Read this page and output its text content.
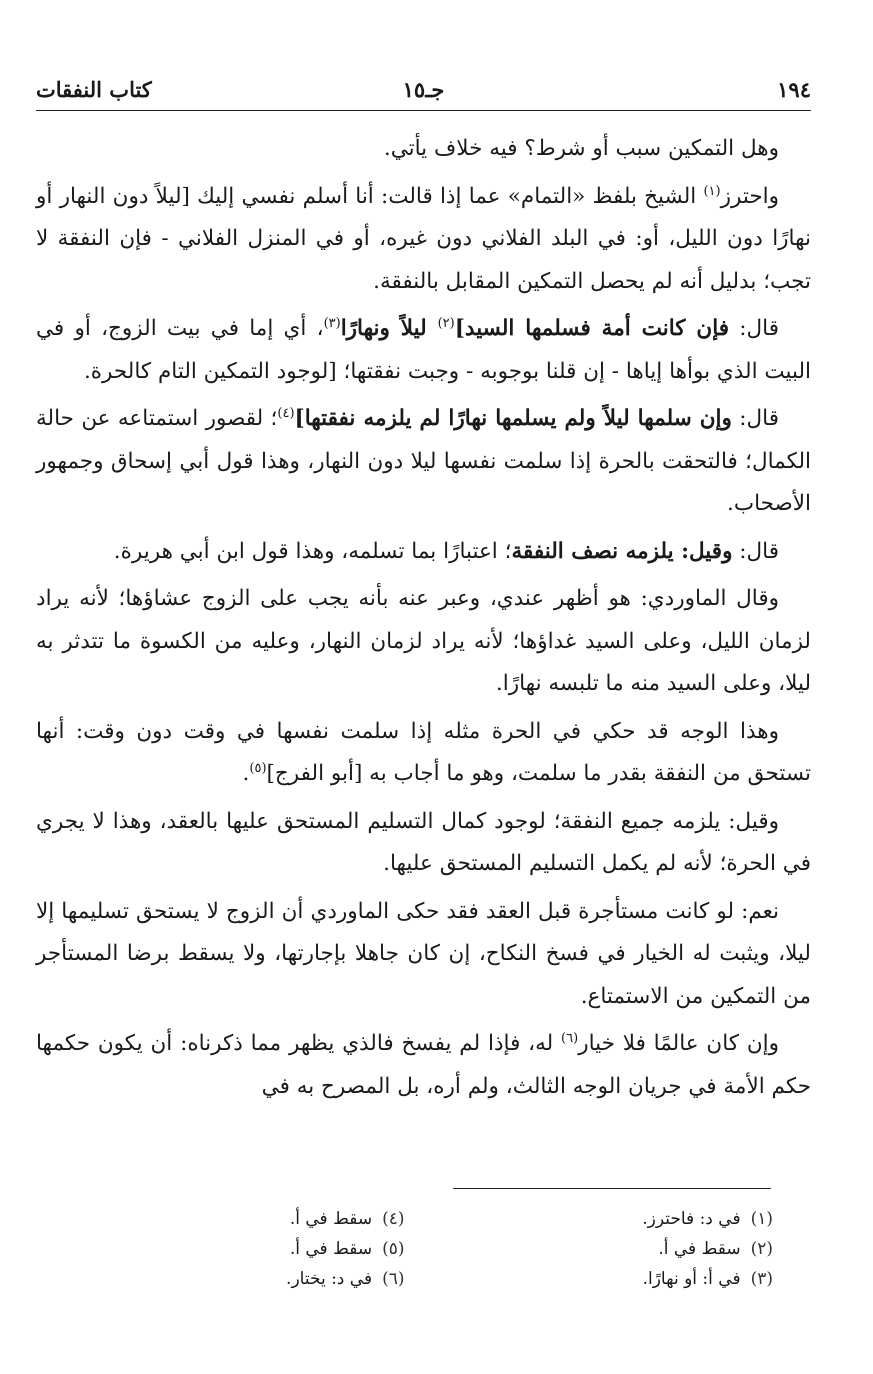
١٩٤
جـ١٥
كتاب النفقات

وهل التمكين سبب أو شرط؟ فيه خلاف يأتي.

واحترز$^{(١)}$ الشيخ بلفظ «التمام» عما إذا قالت: أنا أسلم نفسي إليك [ليلاً دون النهار أو نهارًا دون الليل، أو: في البلد الفلاني دون غيره، أو في المنزل الفلاني - فإن النفقة لا تجب؛ بدليل أنه لم يحصل التمكين المقابل بالنفقة.

قال: فإن كانت أمة فسلمها السيد]$^{(٢)}$ ليلاً ونهارًا$^{(٣)}$، أي إما في بيت الزوج، أو في البيت الذي بوأها إياها - إن قلنا بوجوبه - وجبت نفقتها؛ [لوجود التمكين التام كالحرة.

قال: وإن سلمها ليلاً ولم يسلمها نهارًا لم يلزمه نفقتها]$^{(٤)}$؛ لقصور استمتاعه عن حالة الكمال؛ فالتحقت بالحرة إذا سلمت نفسها ليلا دون النهار، وهذا قول أبي إسحاق وجمهور الأصحاب.

قال: وقيل: يلزمه نصف النفقة؛ اعتبارًا بما تسلمه، وهذا قول ابن أبي هريرة.

وقال الماوردي: هو أظهر عندي، وعبر عنه بأنه يجب على الزوج عشاؤها؛ لأنه يراد لزمان الليل، وعلى السيد غداؤها؛ لأنه يراد لزمان النهار، وعليه من الكسوة ما تتدثر به ليلا، وعلى السيد منه ما تلبسه نهارًا.

وهذا الوجه قد حكي في الحرة مثله إذا سلمت نفسها في وقت دون وقت: أنها تستحق من النفقة بقدر ما سلمت، وهو ما أجاب به [أبو الفرج]$^{(٥)}$.

وقيل: يلزمه جميع النفقة؛ لوجود كمال التسليم المستحق عليها بالعقد، وهذا لا يجري في الحرة؛ لأنه لم يكمل التسليم المستحق عليها.

نعم: لو كانت مستأجرة قبل العقد فقد حكى الماوردي أن الزوج لا يستحق تسليمها إلا ليلا، ويثبت له الخيار في فسخ النكاح، إن كان جاهلا بإجارتها، ولا يسقط برضا المستأجر من التمكين من الاستمتاع.

وإن كان عالمًا فلا خيار$^{(٦)}$ له، فإذا لم يفسخ فالذي يظهر مما ذكرناه: أن يكون حكمها حكم الأمة في جريان الوجه الثالث، ولم أره، بل المصرح به في

(١)
في د: فاحترز.
(٢)
سقط في أ.
(٣)
في أ: أو نهارًا.
(٤)
سقط في أ.
(٥)
سقط في أ.
(٦)
في د: يختار.
